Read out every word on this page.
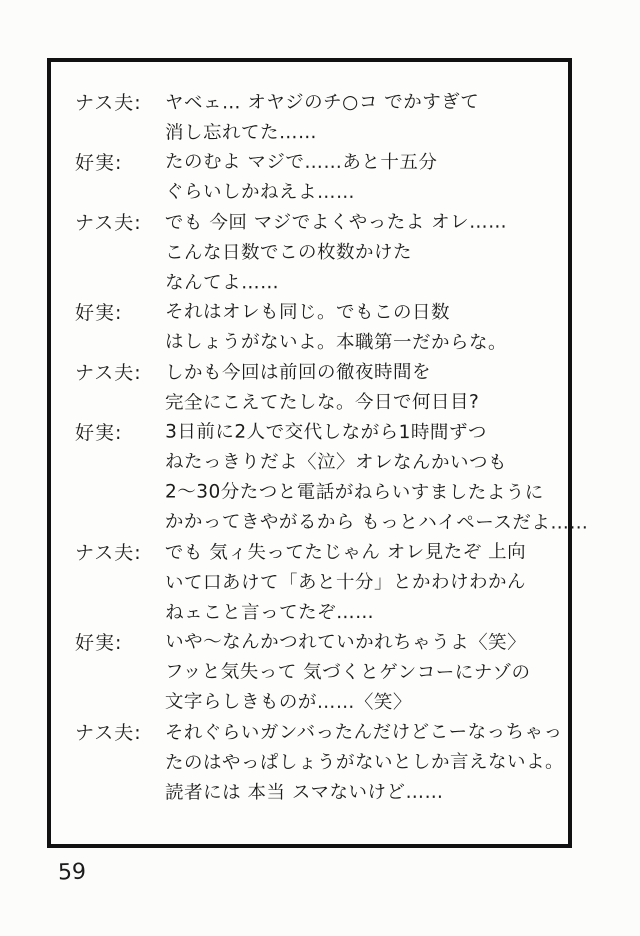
ナス夫:	ヤベェ… オヤジのチ○コ でかすぎて
消し忘れてた……
好実:	たのむよ マジで……あと十五分
ぐらいしかねえよ……
ナス夫:	でも 今回 マジでよくやったよ オレ……
こんな日数でこの枚数かけた
なんてよ……
好実:	それはオレも同じ。でもこの日数
はしょうがないよ。本職第一だからな。
ナス夫:	しかも今回は前回の徹夜時間を
完全にこえてたしな。今日で何日目?
好実:	3日前に2人で交代しながら1時間ずつ
ねたっきりだよ〈泣〉オレなんかいつも
2〜30分たつと電話がねらいすましたように
かかってきやがるから もっとハイペースだよ……
ナス夫:	でも 気ィ失ってたじゃん オレ見たぞ 上向
いて口あけて「あと十分」とかわけわかん
ねェこと言ってたぞ……
好実:	いや〜なんかつれていかれちゃうよ〈笑〉
フッと気失って 気づくとゲンコーにナゾの
文字らしきものが……〈笑〉
ナス夫:	それぐらいガンバったんだけどこーなっちゃっ
たのはやっぱしょうがないとしか言えないよ。
読者には 本当 スマないけど……
59
